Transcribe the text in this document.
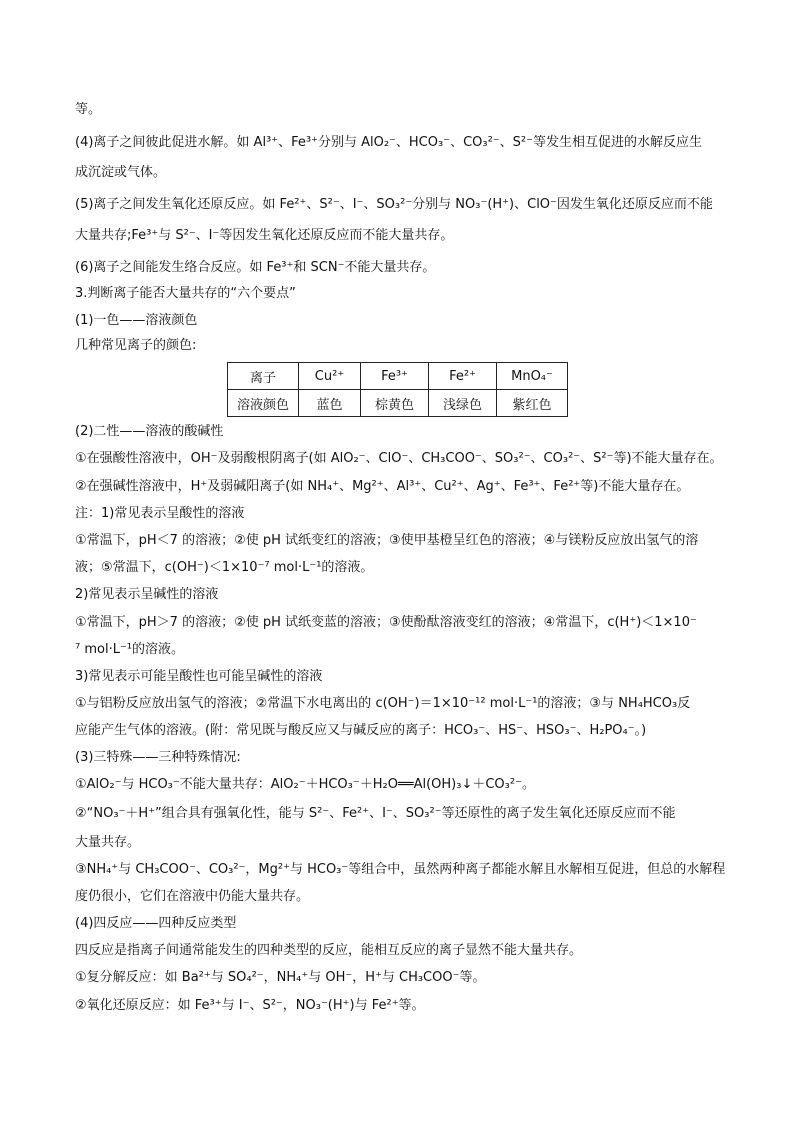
等。
(4)离子之间彼此促进水解。如 Al³⁺、Fe³⁺分别与 AlO₂⁻、HCO₃⁻、CO₃²⁻、S²⁻等发生相互促进的水解反应生
成沉淀或气体。
(5)离子之间发生氧化还原反应。如 Fe²⁺、S²⁻、I⁻、SO₃²⁻分别与 NO₃⁻(H⁺)、ClO⁻因发生氧化还原反应而不能
大量共存;Fe³⁺与 S²⁻、I⁻等因发生氧化还原反应而不能大量共存。
(6)离子之间能发生络合反应。如 Fe³⁺和 SCN⁻不能大量共存。
3.判断离子能否大量共存的“六个要点”
(1)一色——溶液颜色
几种常见离子的颜色:
离子	Cu²⁺	Fe³⁺	Fe²⁺	MnO₄⁻
溶液颜色	蓝色	棕黄色	浅绿色	紫红色
(2)二性——溶液的酸碱性
①在强酸性溶液中，OH⁻及弱酸根阴离子(如 AlO₂⁻、ClO⁻、CH₃COO⁻、SO₃²⁻、CO₃²⁻、S²⁻等)不能大量存在。
②在强碱性溶液中，H⁺及弱碱阳离子(如 NH₄⁺、Mg²⁺、Al³⁺、Cu²⁺、Ag⁺、Fe³⁺、Fe²⁺等)不能大量存在。
注：1)常见表示呈酸性的溶液
①常温下，pH＜7 的溶液；②使 pH 试纸变红的溶液；③使甲基橙呈红色的溶液；④与镁粉反应放出氢气的溶
液；⑤常温下，c(OH⁻)＜1×10⁻⁷ mol·L⁻¹的溶液。
2)常见表示呈碱性的溶液
①常温下，pH＞7 的溶液；②使 pH 试纸变蓝的溶液；③使酚酞溶液变红的溶液；④常温下，c(H⁺)＜1×10⁻
⁷ mol·L⁻¹的溶液。
3)常见表示可能呈酸性也可能呈碱性的溶液
①与铝粉反应放出氢气的溶液；②常温下水电离出的 c(OH⁻)＝1×10⁻¹² mol·L⁻¹的溶液；③与 NH₄HCO₃反
应能产生气体的溶液。(附：常见既与酸反应又与碱反应的离子：HCO₃⁻、HS⁻、HSO₃⁻、H₂PO₄⁻。)
(3)三特殊——三种特殊情况:
①AlO₂⁻与 HCO₃⁻不能大量共存：AlO₂⁻＋HCO₃⁻＋H₂O══Al(OH)₃↓＋CO₃²⁻。
②“NO₃⁻＋H⁺”组合具有强氧化性，能与 S²⁻、Fe²⁺、I⁻、SO₃²⁻等还原性的离子发生氧化还原反应而不能
大量共存。
③NH₄⁺与 CH₃COO⁻、CO₃²⁻，Mg²⁺与 HCO₃⁻等组合中，虽然两种离子都能水解且水解相互促进，但总的水解程
度仍很小，它们在溶液中仍能大量共存。
(4)四反应——四种反应类型
四反应是指离子间通常能发生的四种类型的反应，能相互反应的离子显然不能大量共存。
①复分解反应：如 Ba²⁺与 SO₄²⁻，NH₄⁺与 OH⁻，H⁺与 CH₃COO⁻等。
②氧化还原反应：如 Fe³⁺与 I⁻、S²⁻，NO₃⁻(H⁺)与 Fe²⁺等。
